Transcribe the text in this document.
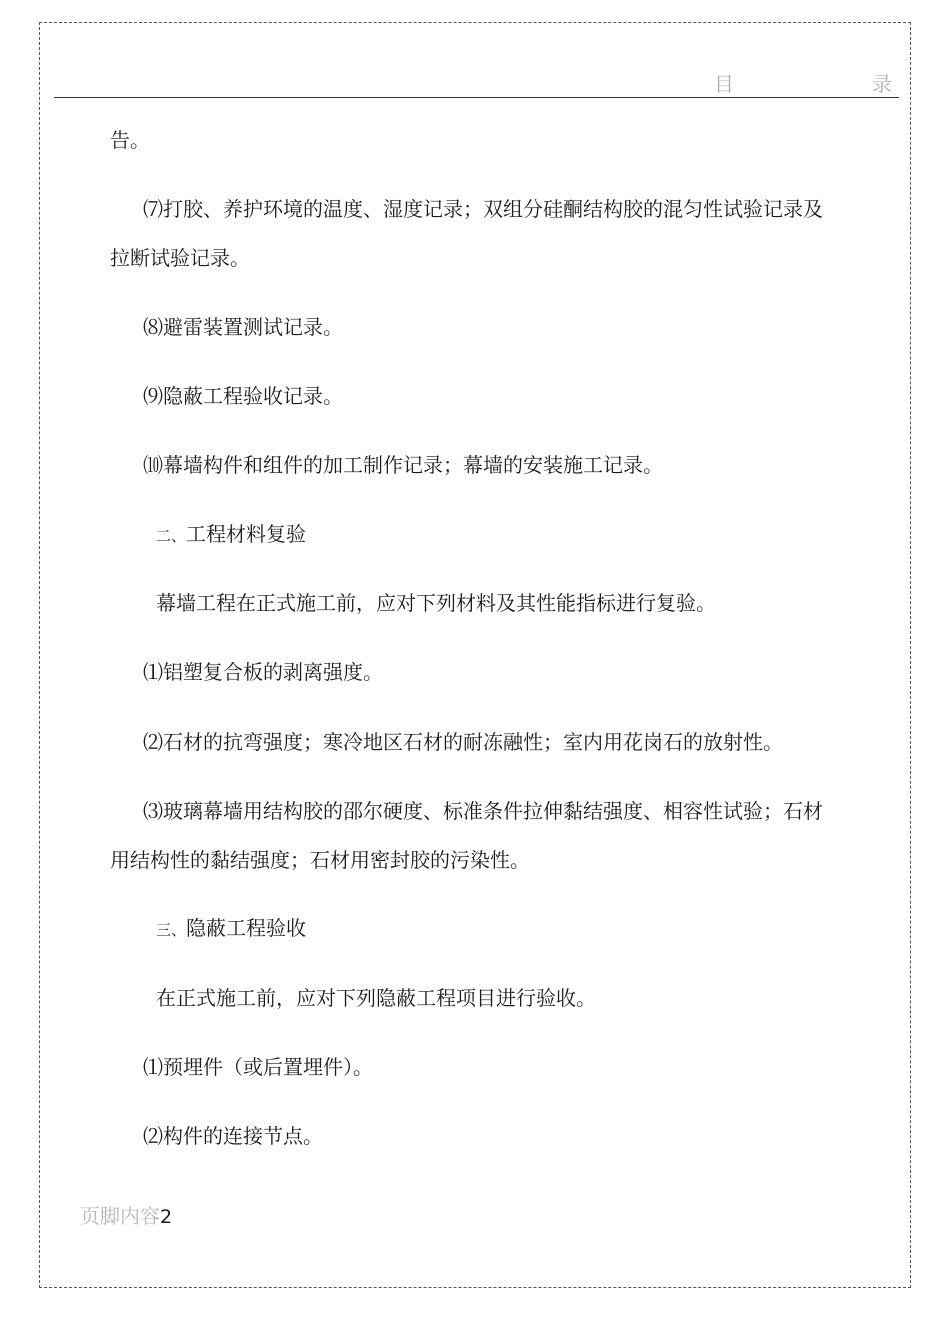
目	录
告。
⑺打胶、养护环境的温度、湿度记录；双组分硅酮结构胶的混匀性试验记录及
拉断试验记录。
⑻避雷装置测试记录。
⑼隐蔽工程验收记录。
⑽幕墙构件和组件的加工制作记录；幕墙的安装施工记录。
二、工程材料复验
幕墙工程在正式施工前，应对下列材料及其性能指标进行复验。
⑴铝塑复合板的剥离强度。
⑵石材的抗弯强度；寒冷地区石材的耐冻融性；室内用花岗石的放射性。
⑶玻璃幕墙用结构胶的邵尔硬度、标准条件拉伸黏结强度、相容性试验；石材
用结构性的黏结强度；石材用密封胶的污染性。
三、隐蔽工程验收
在正式施工前，应对下列隐蔽工程项目进行验收。
⑴预埋件（或后置埋件）。
⑵构件的连接节点。
页脚内容2
